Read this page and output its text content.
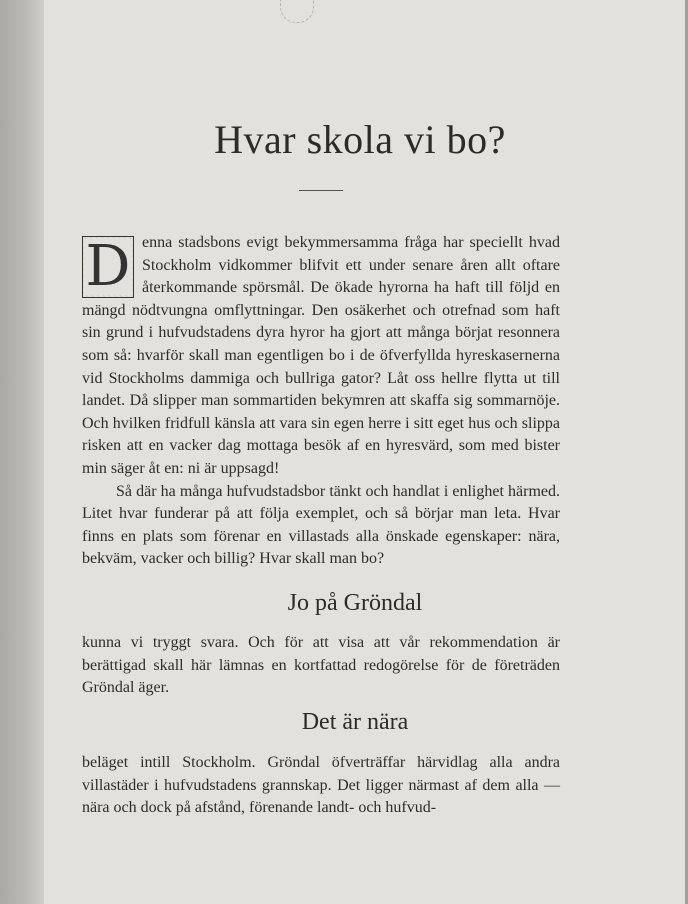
Hvar skola vi bo?

D enna stadsbons evigt bekymmersamma fråga har speciellt hvad Stockholm vidkommer blifvit ett under senare åren allt oftare återkommande spörsmål. De ökade hyrorna ha haft till följd en mängd nödtvungna omflyttningar. Den osäkerhet och otrefnad som haft sin grund i hufvudstadens dyra hyror ha gjort att många börjat resonnera som så: hvarför skall man egentligen bo i de öfverfyllda hyreskasernerna vid Stockholms dammiga och bullriga gator? Låt oss hellre flytta ut till landet. Då slipper man sommartiden bekymren att skaffa sig sommarnöje. Och hvilken fridfull känsla att vara sin egen herre i sitt eget hus och slippa risken att en vacker dag mottaga besök af en hyresvärd, som med bister min säger åt en: ni är uppsagd!

Så där ha många hufvudstadsbor tänkt och handlat i enlighet härmed. Litet hvar funderar på att följa exemplet, och så börjar man leta. Hvar finns en plats som förenar en villastads alla önskade egenskaper: nära, bekväm, vacker och billig? Hvar skall man bo?

Jo på Gröndal
kunna vi tryggt svara. Och för att visa att vår rekommendation är berättigad skall här lämnas en kortfattad redogörelse för de företräden Gröndal äger.
Det är nära
beläget intill Stockholm. Gröndal öfverträffar härvidlag alla andra villastäder i hufvudstadens grannskap. Det ligger närmast af dem alla — nära och dock på afstånd, förenande landt- och hufvud-
